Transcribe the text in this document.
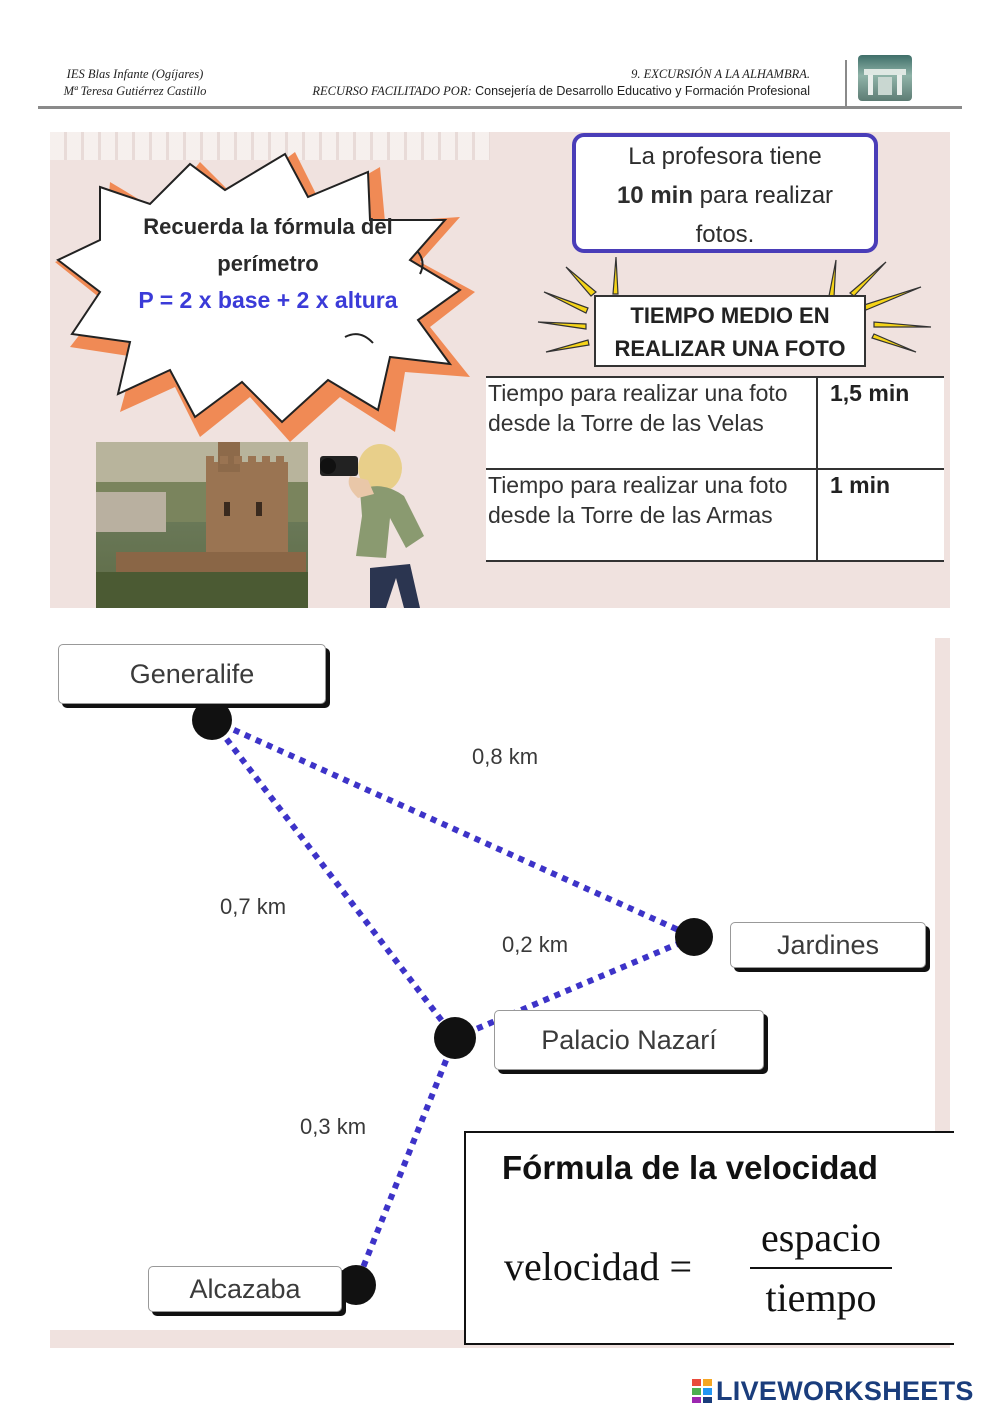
IES Blas Infante (Ogíjares)
Mª Teresa Gutiérrez Castillo
9. EXCURSIÓN A LA ALHAMBRA.
RECURSO FACILITADO POR: Consejería de Desarrollo Educativo y Formación Profesional
Recuerda la fórmula del
perímetro
P = 2 x base + 2 x altura
La profesora tiene
10 min para realizar
fotos.
TIEMPO MEDIO EN
REALIZAR UNA FOTO
Tiempo para realizar una foto desde la Torre de las Velas	1,5 min
Tiempo para realizar una foto desde la Torre de las Armas	1 min
Generalife
Jardines
Palacio Nazarí
Alcazaba
0,8 km
0,7 km
0,2 km
0,3 km
Fórmula de la velocidad
velocidad =
espacio
tiempo
LIVEWORKSHEETS
